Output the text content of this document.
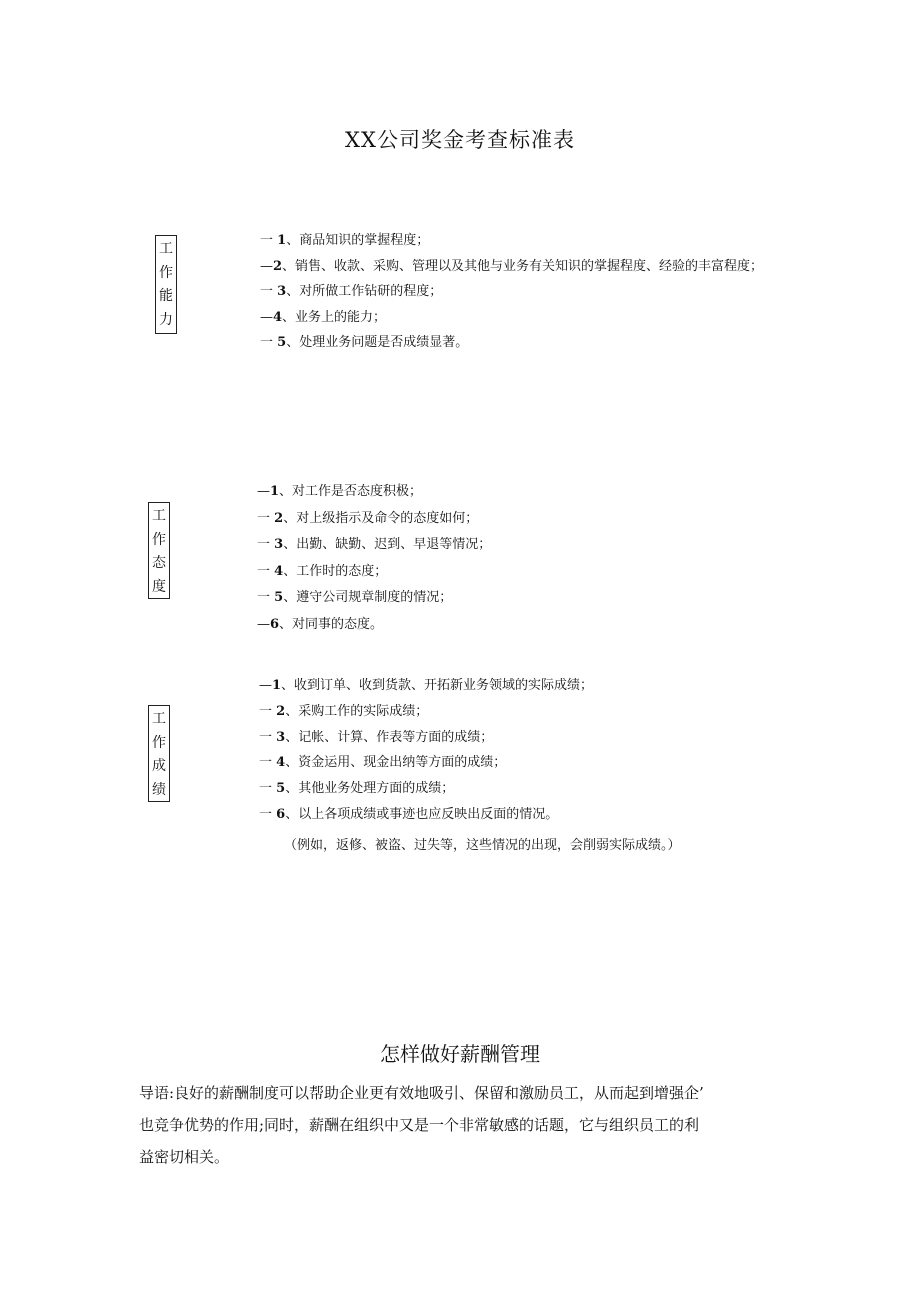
XX公司奖金考查标准表
工
作
能
力
一 1、商品知识的掌握程度；
—2、销售、收款、采购、管理以及其他与业务有关知识的掌握程度、经验的丰富程度；
一 3、对所做工作钻研的程度；
—4、业务上的能力；
一 5、处理业务问题是否成绩显著。
工
作
态
度
—1、对工作是否态度积极；
一 2、对上级指示及命令的态度如何；
一 3、出勤、缺勤、迟到、早退等情况；
一 4、工作时的态度；
一 5、遵守公司规章制度的情况；
—6、对同事的态度。
工
作
成
绩
—1、收到订单、收到货款、开拓新业务领域的实际成绩；
一 2、采购工作的实际成绩；
一 3、记帐、计算、作表等方面的成绩；
一 4、资金运用、现金出纳等方面的成绩；
一 5、其他业务处理方面的成绩；
一 6、以上各项成绩或事迹也应反映出反面的情况。
（例如，返修、被盗、过失等，这些情况的出现，会削弱实际成绩。）
怎样做好薪酬管理
导语:良好的薪酬制度可以帮助企业更有效地吸引、保留和激励员工，从而起到增强企’
也竞争优势的作用;同时，薪酬在组织中又是一个非常敏感的话题，它与组织员工的利
益密切相关。
